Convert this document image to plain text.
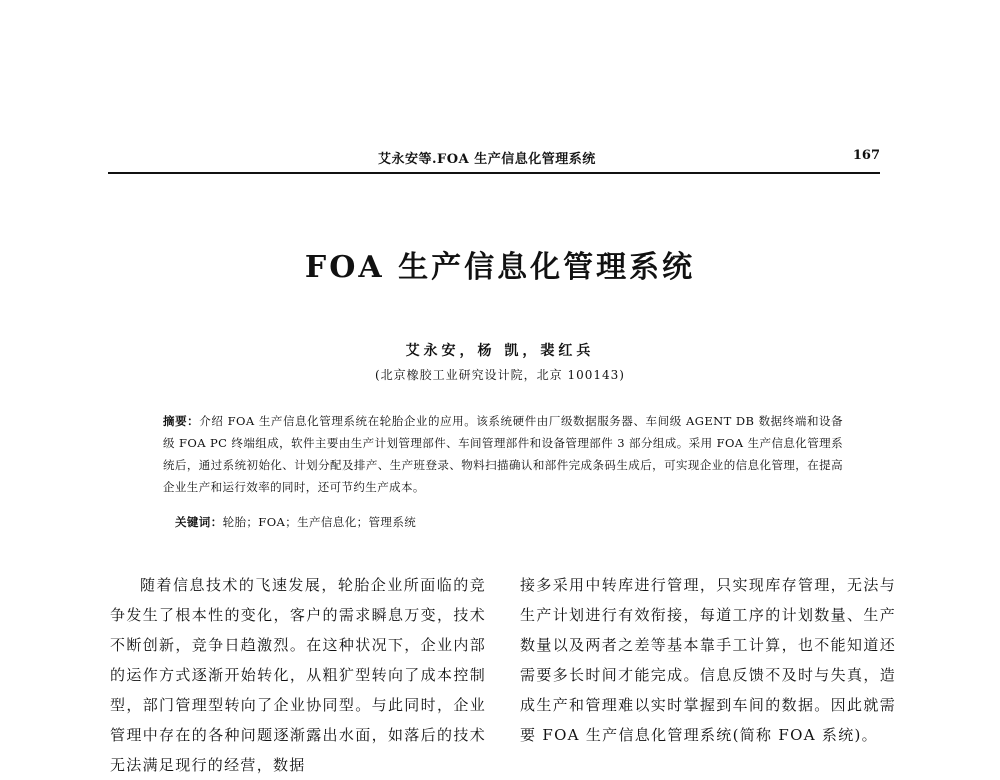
艾永安等.FOA 生产信息化管理系统	167
FOA 生产信息化管理系统
艾永安，杨 凯，裴红兵
(北京橡胶工业研究设计院，北京 100143)
摘要：介绍 FOA 生产信息化管理系统在轮胎企业的应用。该系统硬件由厂级数据服务器、车间级 AGENT DB 数据终端和设备级 FOA PC 终端组成，软件主要由生产计划管理部件、车间管理部件和设备管理部件 3 部分组成。采用 FOA 生产信息化管理系统后，通过系统初始化、计划分配及排产、生产班登录、物料扫描确认和部件完成条码生成后，可实现企业的信息化管理，在提高企业生产和运行效率的同时，还可节约生产成本。
关键词：轮胎；FOA；生产信息化；管理系统

随着信息技术的飞速发展，轮胎企业所面临的竞争发生了根本性的变化，客户的需求瞬息万变，技术不断创新，竞争日趋激烈。在这种状况下，企业内部的运作方式逐渐开始转化，从粗犷型转向了成本控制型，部门管理型转向了企业协同型。与此同时，企业管理中存在的各种问题逐渐露出水面，如落后的技术无法满足现行的经营，数据

接多采用中转库进行管理，只实现库存管理，无法与生产计划进行有效衔接，每道工序的计划数量、生产数量以及两者之差等基本靠手工计算，也不能知道还需要多长时间才能完成。信息反馈不及时与失真，造成生产和管理难以实时掌握到车间的数据。因此就需要 FOA 生产信息化管理系统(简称 FOA 系统)。
